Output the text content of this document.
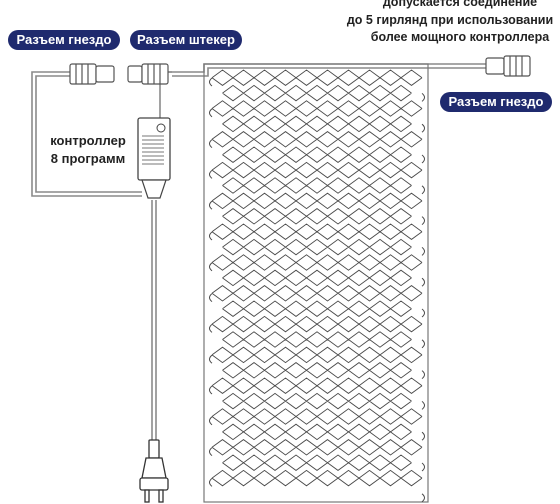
Разъем гнездо	Разъем штекер
Разъем гнездо
допускается соединение
до 5 гирлянд при использовании
более мощного контроллера
контроллер
8 программ
